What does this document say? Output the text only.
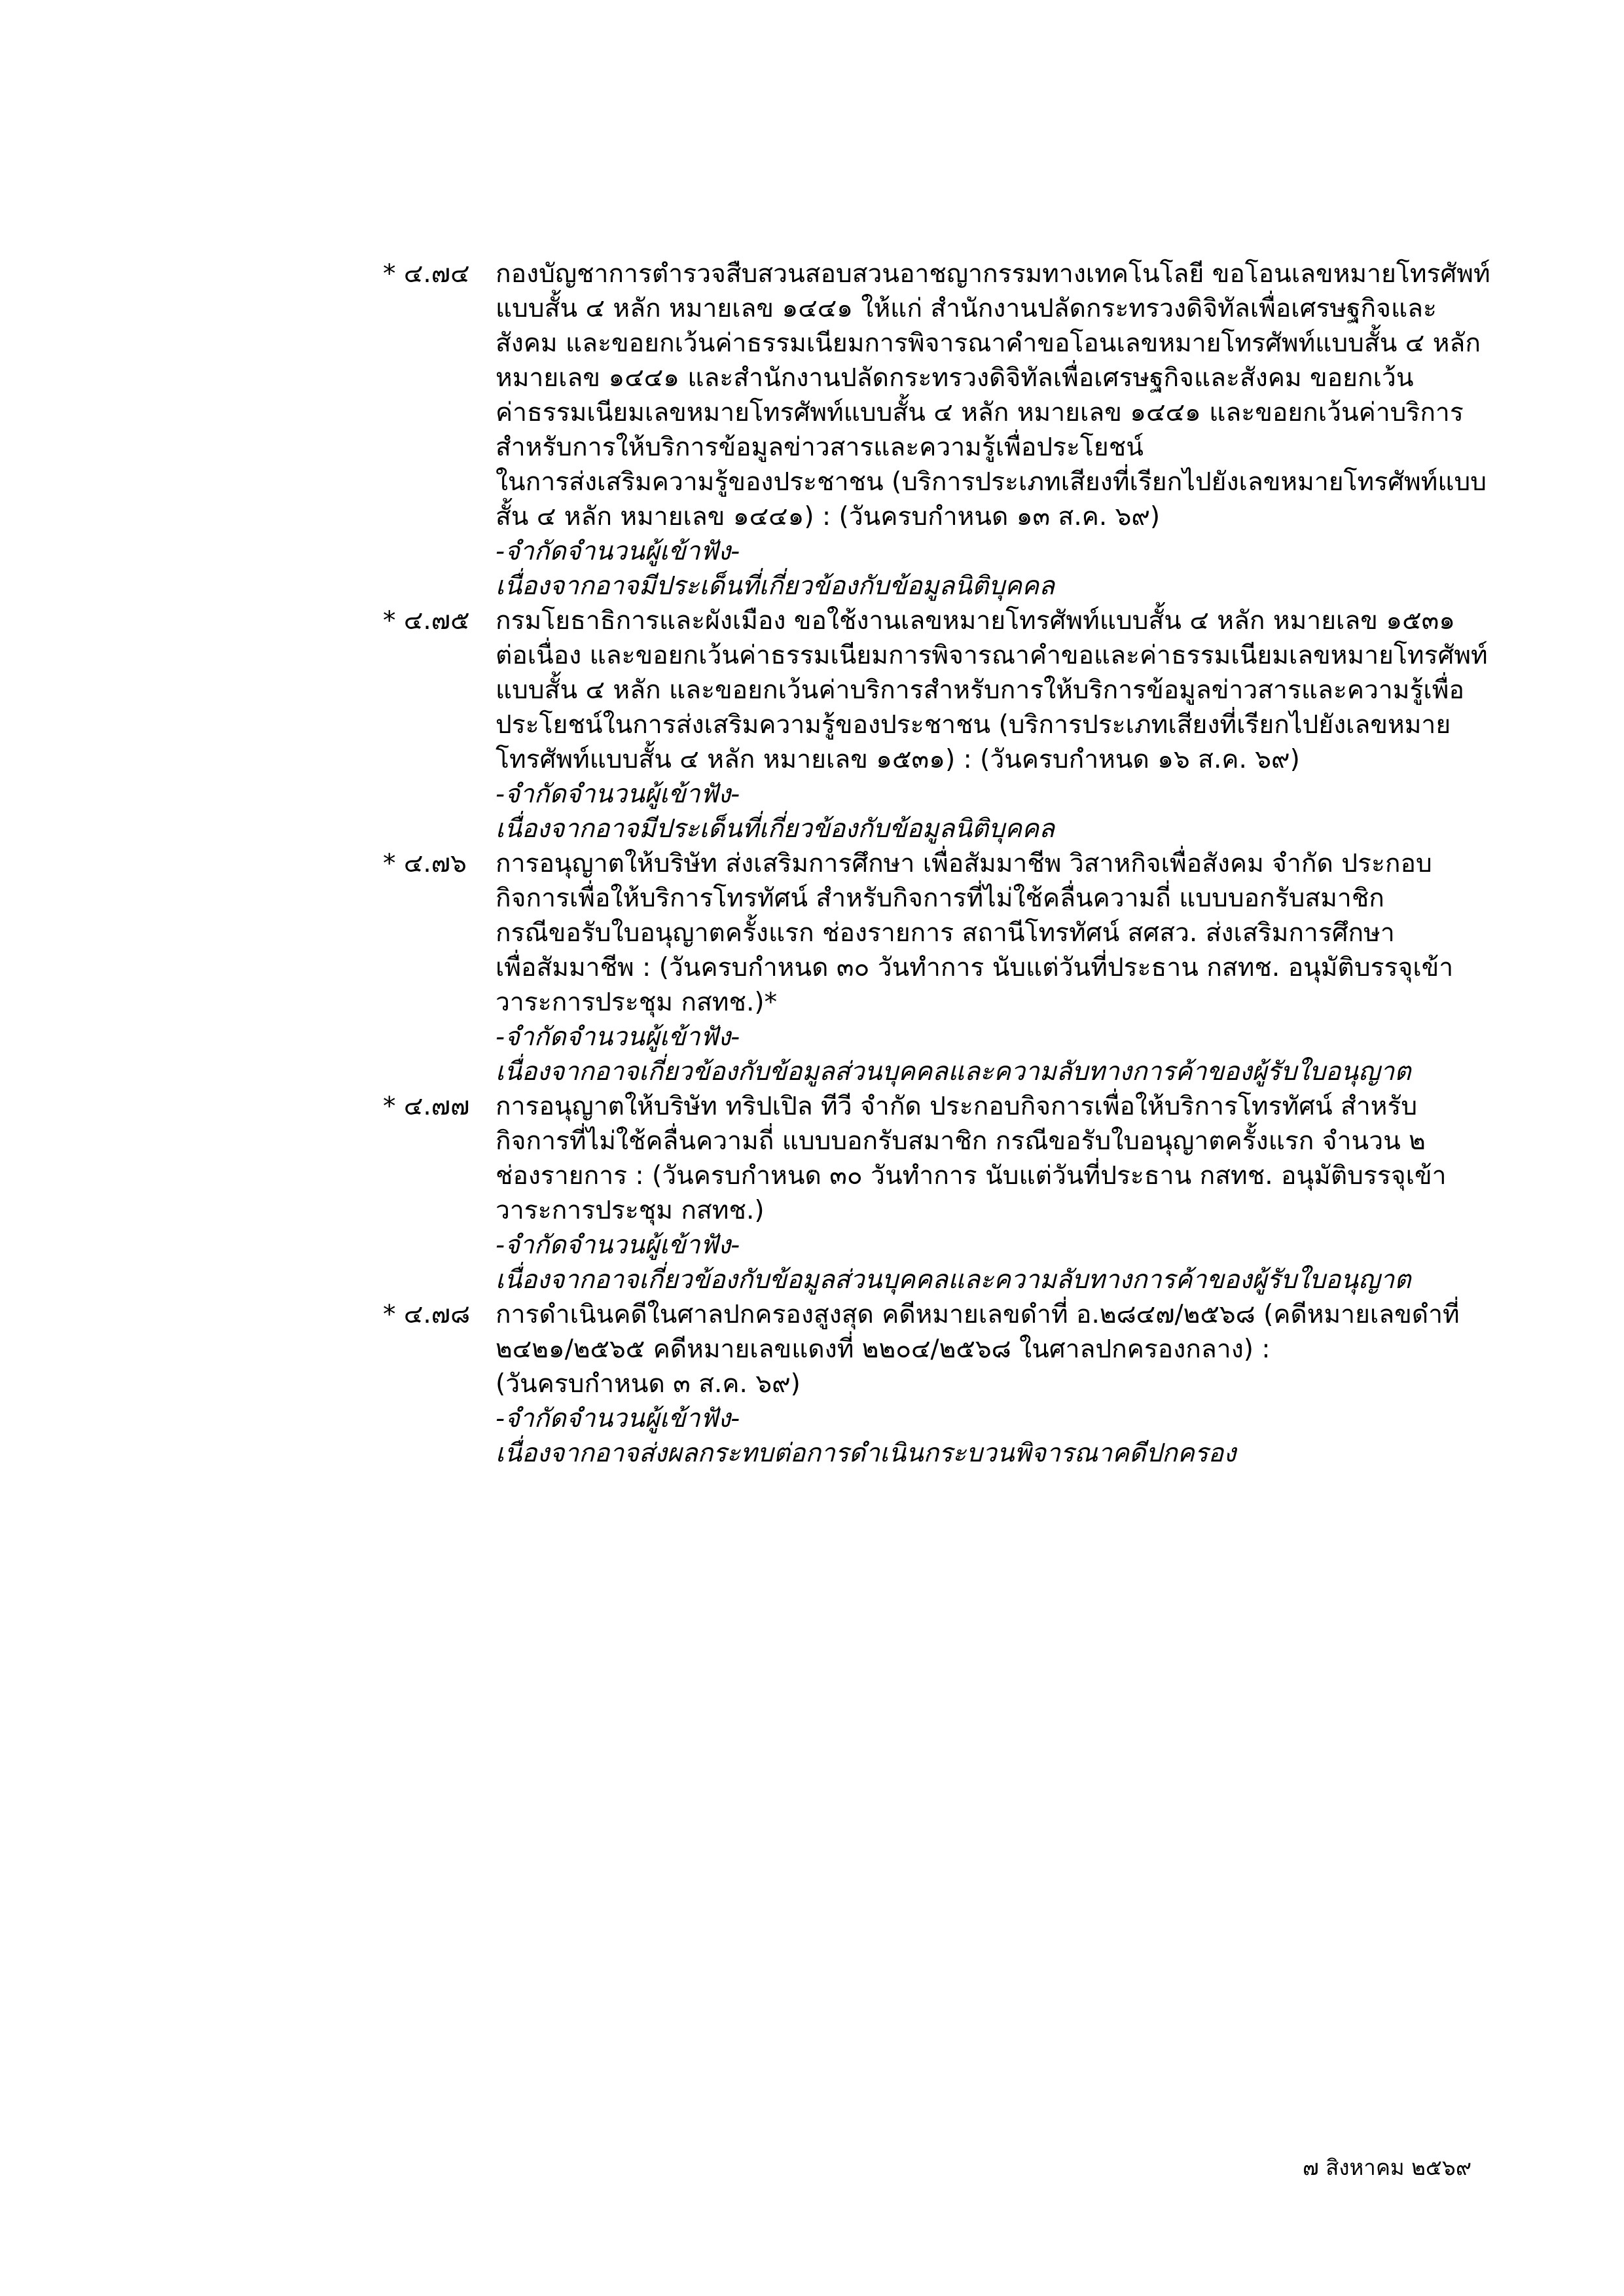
* ๔.๗๔ กองบัญชาการตำรวจสืบสวนสอบสวนอาชญากรรมทางเทคโนโลยี ขอโอนเลขหมายโทรศัพท์
แบบสั้น ๔ หลัก หมายเลข ๑๔๔๑ ให้แก่ สำนักงานปลัดกระทรวงดิจิทัลเพื่อเศรษฐกิจและ
สังคม และขอยกเว้นค่าธรรมเนียมการพิจารณาคำขอโอนเลขหมายโทรศัพท์แบบสั้น ๔ หลัก
หมายเลข ๑๔๔๑ และสำนักงานปลัดกระทรวงดิจิทัลเพื่อเศรษฐกิจและสังคม ขอยกเว้น
ค่าธรรมเนียมเลขหมายโทรศัพท์แบบสั้น ๔ หลัก หมายเลข ๑๔๔๑ และขอยกเว้นค่าบริการ
สำหรับการให้บริการข้อมูลข่าวสารและความรู้เพื่อประโยชน์
ในการส่งเสริมความรู้ของประชาชน (บริการประเภทเสียงที่เรียกไปยังเลขหมายโทรศัพท์แบบ
สั้น ๔ หลัก หมายเลข ๑๔๔๑) : (วันครบกำหนด ๑๓ ส.ค. ๖๙)
-จำกัดจำนวนผู้เข้าฟัง-
เนื่องจากอาจมีประเด็นที่เกี่ยวข้องกับข้อมูลนิติบุคคล
* ๔.๗๕ กรมโยธาธิการและผังเมือง ขอใช้งานเลขหมายโทรศัพท์แบบสั้น ๔ หลัก หมายเลข ๑๕๓๑
ต่อเนื่อง และขอยกเว้นค่าธรรมเนียมการพิจารณาคำขอและค่าธรรมเนียมเลขหมายโทรศัพท์
แบบสั้น ๔ หลัก และขอยกเว้นค่าบริการสำหรับการให้บริการข้อมูลข่าวสารและความรู้เพื่อ
ประโยชน์ในการส่งเสริมความรู้ของประชาชน (บริการประเภทเสียงที่เรียกไปยังเลขหมาย
โทรศัพท์แบบสั้น ๔ หลัก หมายเลข ๑๕๓๑) : (วันครบกำหนด ๑๖ ส.ค. ๖๙)
-จำกัดจำนวนผู้เข้าฟัง-
เนื่องจากอาจมีประเด็นที่เกี่ยวข้องกับข้อมูลนิติบุคคล
* ๔.๗๖ การอนุญาตให้บริษัท ส่งเสริมการศึกษา เพื่อสัมมาชีพ วิสาหกิจเพื่อสังคม จำกัด ประกอบ
กิจการเพื่อให้บริการโทรทัศน์ สำหรับกิจการที่ไม่ใช้คลื่นความถี่ แบบบอกรับสมาชิก
กรณีขอรับใบอนุญาตครั้งแรก ช่องรายการ สถานีโทรทัศน์ สศสว. ส่งเสริมการศึกษา
เพื่อสัมมาชีพ : (วันครบกำหนด ๓๐ วันทำการ นับแต่วันที่ประธาน กสทช. อนุมัติบรรจุเข้า
วาระการประชุม กสทช.)*
-จำกัดจำนวนผู้เข้าฟัง-
เนื่องจากอาจเกี่ยวข้องกับข้อมูลส่วนบุคคลและความลับทางการค้าของผู้รับใบอนุญาต
* ๔.๗๗ การอนุญาตให้บริษัท ทริปเปิล ทีวี จำกัด ประกอบกิจการเพื่อให้บริการโทรทัศน์ สำหรับ
กิจการที่ไม่ใช้คลื่นความถี่ แบบบอกรับสมาชิก กรณีขอรับใบอนุญาตครั้งแรก จำนวน ๒
ช่องรายการ : (วันครบกำหนด ๓๐ วันทำการ นับแต่วันที่ประธาน กสทช. อนุมัติบรรจุเข้า
วาระการประชุม กสทช.)
-จำกัดจำนวนผู้เข้าฟัง-
เนื่องจากอาจเกี่ยวข้องกับข้อมูลส่วนบุคคลและความลับทางการค้าของผู้รับใบอนุญาต
* ๔.๗๘ การดำเนินคดีในศาลปกครองสูงสุด คดีหมายเลขดำที่ อ.๒๘๔๗/๒๕๖๘ (คดีหมายเลขดำที่
๒๔๒๑/๒๕๖๕ คดีหมายเลขแดงที่ ๒๒๐๔/๒๕๖๘ ในศาลปกครองกลาง) :
(วันครบกำหนด ๓ ส.ค. ๖๙)
-จำกัดจำนวนผู้เข้าฟัง-
เนื่องจากอาจส่งผลกระทบต่อการดำเนินกระบวนพิจารณาคดีปกครอง
๗ สิงหาคม ๒๕๖๙
